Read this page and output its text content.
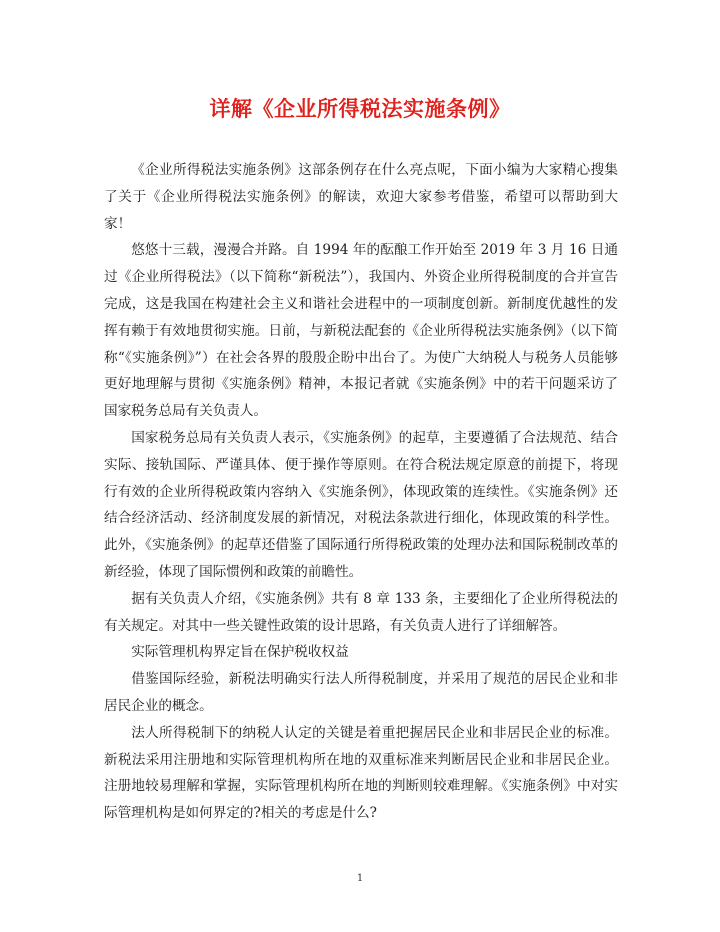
详解《企业所得税法实施条例》

《企业所得税法实施条例》这部条例存在什么亮点呢，下面小编为大家精心搜集了关于《企业所得税法实施条例》的解读，欢迎大家参考借鉴，希望可以帮助到大家！

悠悠十三载，漫漫合并路。自 1994 年的酝酿工作开始至 2019 年 3 月 16 日通过《企业所得税法》（以下简称“新税法”），我国内、外资企业所得税制度的合并宣告完成，这是我国在构建社会主义和谐社会进程中的一项制度创新。新制度优越性的发挥有赖于有效地贯彻实施。日前，与新税法配套的《企业所得税法实施条例》（以下简称“《实施条例》”）在社会各界的殷殷企盼中出台了。为使广大纳税人与税务人员能够更好地理解与贯彻《实施条例》精神，本报记者就《实施条例》中的若干问题采访了国家税务总局有关负责人。

国家税务总局有关负责人表示，《实施条例》的起草，主要遵循了合法规范、结合实际、接轨国际、严谨具体、便于操作等原则。在符合税法规定原意的前提下，将现行有效的企业所得税政策内容纳入《实施条例》，体现政策的连续性。《实施条例》还结合经济活动、经济制度发展的新情况，对税法条款进行细化，体现政策的科学性。此外，《实施条例》的起草还借鉴了国际通行所得税政策的处理办法和国际税制改革的新经验，体现了国际惯例和政策的前瞻性。

据有关负责人介绍，《实施条例》共有 8 章 133 条，主要细化了企业所得税法的有关规定。对其中一些关键性政策的设计思路，有关负责人进行了详细解答。

实际管理机构界定旨在保护税收权益

借鉴国际经验，新税法明确实行法人所得税制度，并采用了规范的居民企业和非居民企业的概念。

法人所得税制下的纳税人认定的关键是着重把握居民企业和非居民企业的标准。新税法采用注册地和实际管理机构所在地的双重标准来判断居民企业和非居民企业。注册地较易理解和掌握，实际管理机构所在地的判断则较难理解。《实施条例》中对实际管理机构是如何界定的?相关的考虑是什么?

1
